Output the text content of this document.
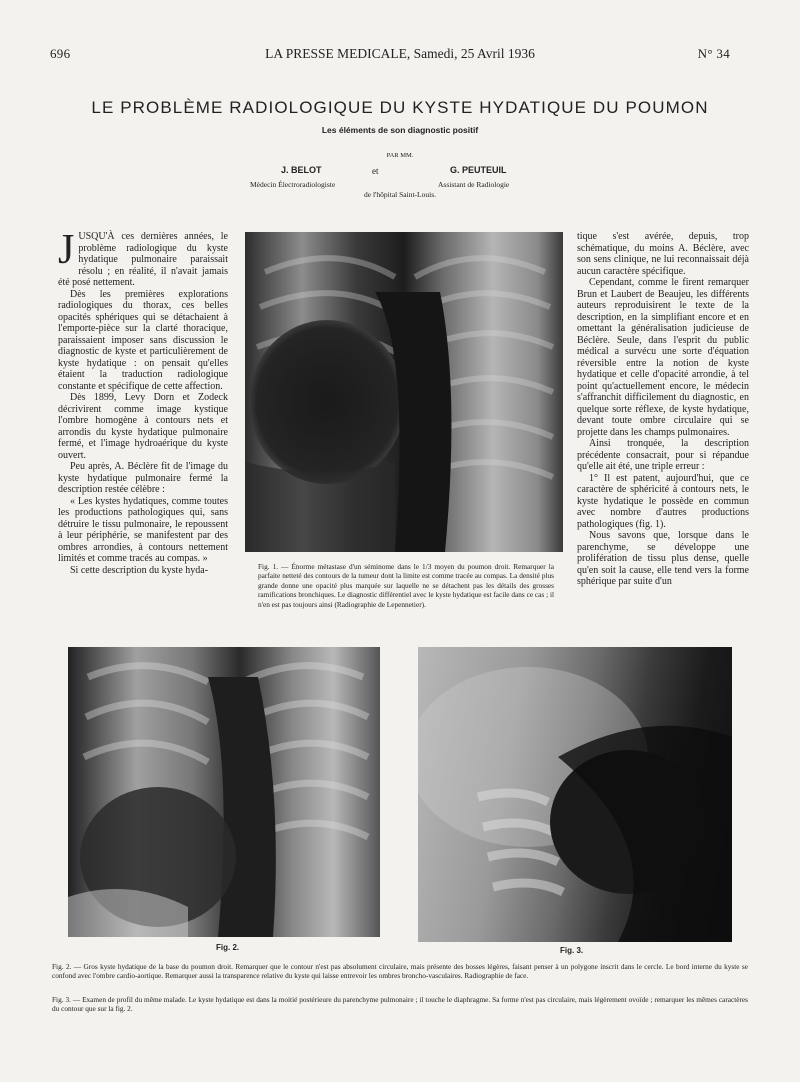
696	LA PRESSE MEDICALE, Samedi, 25 Avril 1936	N° 34
LE PROBLÈME RADIOLOGIQUE DU KYSTE HYDATIQUE DU POUMON
Les éléments de son diagnostic positif
PAR MM.
J. BELOT	et	G. PEUTEUIL
Médecin Électroradiologiste	Assistant de Radiologie
de l'hôpital Saint-Louis.
J USQU'À ces dernières années, le problème radiologique du kyste hydatique pulmonaire paraissait résolu ; en réalité, il n'avait jamais été posé nettement.

Dès les premières explorations radiologiques du thorax, ces belles opacités sphériques qui se détachaient à l'emporte-pièce sur la clarté thoracique, paraissaient imposer sans discussion le diagnostic de kyste et particulièrement de kyste hydatique : on pensait qu'elles étaient la traduction radiologique constante et spécifique de cette affection.

Dès 1899, Levy Dorn et Zodeck décrivirent comme image kystique l'ombre homogène à contours nets et arrondis du kyste hydatique pulmonaire fermé, et l'image hydroaérique du kyste ouvert.

Peu après, A. Béclère fit de l'image du kyste hydatique pulmonaire fermé la description restée célèbre :

« Les kystes hydatiques, comme toutes les productions pathologiques qui, sans détruire le tissu pulmonaire, le repoussent à leur périphérie, se manifestent par des ombres arrondies, à contours nettement limités et comme tracés au compas. »

Si cette description du kyste hyda-	Fig. 1. — Énorme métastase d'un séminome dans le 1/3 moyen du poumon droit. Remarquer la parfaite netteté des contours de la tumeur dont la limite est comme tracée au compas. La densité plus grande donne une opacité plus marquée sur laquelle ne se détachent pas les détails des grosses ramifications bronchiques. Le diagnostic différentiel avec le kyste hydatique est facile dans ce cas ; il n'en est pas toujours ainsi (Radiographie de Lepennetier).

tique s'est avérée, depuis, trop schématique, du moins A. Béclère, avec son sens clinique, ne lui reconnaissait déjà aucun caractère spécifique.

Cependant, comme le firent remarquer Brun et Laubert de Beaujeu, les différents auteurs reproduisirent le texte de la description, en la simplifiant encore et en omettant la généralisation judicieuse de Béclère. Seule, dans l'esprit du public médical a survécu une sorte d'équation réversible entre la notion de kyste hydatique et celle d'opacité arrondie, à tel point qu'actuellement encore, le médecin s'affranchit difficilement du diagnostic, en quelque sorte réflexe, de kyste hydatique, devant toute ombre circulaire qui se projette dans les champs pulmonaires.

Ainsi tronquée, la description précédente consacrait, pour si répandue qu'elle ait été, une triple erreur :

1° Il est patent, aujourd'hui, que ce caractère de sphéricité à contours nets, le kyste hydatique le possède en commun avec nombre d'autres productions pathologiques (fig. 1).

Nous savons que, lorsque dans le parenchyme, se développe une prolifération de tissu plus dense, quelle qu'en soit la cause, elle tend vers la forme sphérique par suite d'un

Fig. 2.	Fig. 3.
Fig. 2. — Gros kyste hydatique de la base du poumon droit. Remarquer que le contour n'est pas absolument circulaire, mais présente des bosses légères, faisant penser à un polygone inscrit dans le cercle. Le bord interne du kyste se confond avec l'ombre cardio-aortique. Remarquer aussi la transparence relative du kyste qui laisse entrevoir les ombres broncho-vasculaires. Radiographie de face.
Fig. 3. — Examen de profil du même malade. Le kyste hydatique est dans la moitié postérieure du parenchyme pulmonaire ; il touche le diaphragme. Sa forme n'est pas circulaire, mais légèrement ovoïde ; remarquer les mêmes caractères du contour que sur la fig. 2.
